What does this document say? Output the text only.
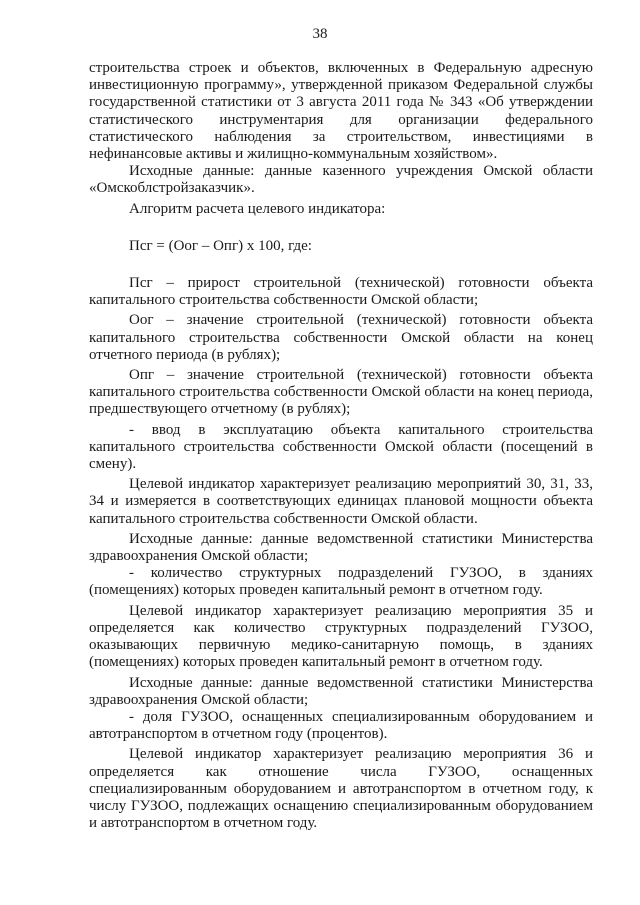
38

строительства строек и объектов, включенных в Федеральную адресную инвестиционную программу», утвержденной приказом Федеральной службы государственной статистики от 3 августа 2011 года № 343 «Об утверждении статистического инструментария для организации федерального статистического наблюдения за строительством, инвестициями в нефинансовые активы и жилищно-коммунальным хозяйством».

Исходные данные: данные казенного учреждения Омской области «Омскоблстройзаказчик».

Алгоритм расчета целевого индикатора:

Псг = (Оог – Опг) х 100, где:

Псг – прирост строительной (технической) готовности объекта капитального строительства собственности Омской области;

Оог – значение строительной (технической) готовности объекта капитального строительства собственности Омской области на конец отчетного периода (в рублях);

Опг – значение строительной (технической) готовности объекта капитального строительства собственности Омской области на конец периода, предшествующего отчетному (в рублях);

- ввод в эксплуатацию объекта капитального строительства капитального строительства собственности Омской области (посещений в смену).

Целевой индикатор характеризует реализацию мероприятий 30, 31, 33, 34 и измеряется в соответствующих единицах плановой мощности объекта капитального строительства собственности Омской области.

Исходные данные: данные ведомственной статистики Министерства здравоохранения Омской области;

- количество структурных подразделений ГУЗОО, в зданиях (помещениях) которых проведен капитальный ремонт в отчетном году.

Целевой индикатор характеризует реализацию мероприятия 35 и определяется как количество структурных подразделений ГУЗОО, оказывающих первичную медико-санитарную помощь, в зданиях (помещениях) которых проведен капитальный ремонт в отчетном году.

Исходные данные: данные ведомственной статистики Министерства здравоохранения Омской области;

- доля ГУЗОО, оснащенных специализированным оборудованием и автотранспортом в отчетном году (процентов).

Целевой индикатор характеризует реализацию мероприятия 36 и определяется как отношение числа ГУЗОО, оснащенных специализированным оборудованием и автотранспортом в отчетном году, к числу ГУЗОО, подлежащих оснащению специализированным оборудованием и автотранспортом в отчетном году.
